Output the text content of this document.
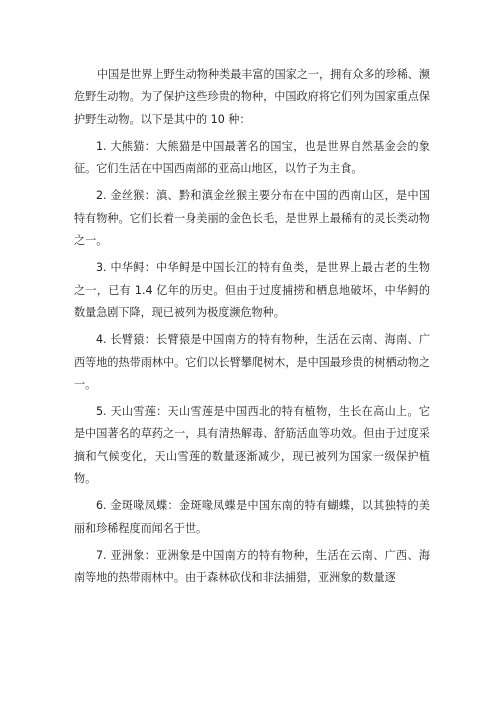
中国是世界上野生动物种类最丰富的国家之一，拥有众多的珍稀、濒危野生动物。为了保护这些珍贵的物种，中国政府将它们列为国家重点保护野生动物。以下是其中的 10 种：

1. 大熊猫：大熊猫是中国最著名的国宝，也是世界自然基金会的象征。它们生活在中国西南部的亚高山地区，以竹子为主食。

2. 金丝猴：滇、黔和滇金丝猴主要分布在中国的西南山区，是中国特有物种。它们长着一身美丽的金色长毛，是世界上最稀有的灵长类动物之一。

3. 中华鲟：中华鲟是中国长江的特有鱼类，是世界上最古老的生物之一，已有 1.4 亿年的历史。但由于过度捕捞和栖息地破坏，中华鲟的数量急剧下降，现已被列为极度濒危物种。

4. 长臂猿：长臂猿是中国南方的特有物种，生活在云南、海南、广西等地的热带雨林中。它们以长臂攀爬树木，是中国最珍贵的树栖动物之一。

5. 天山雪莲：天山雪莲是中国西北的特有植物，生长在高山上。它是中国著名的草药之一，具有清热解毒、舒筋活血等功效。但由于过度采摘和气候变化，天山雪莲的数量逐渐减少，现已被列为国家一级保护植物。

6. 金斑喙凤蝶：金斑喙凤蝶是中国东南的特有蝴蝶，以其独特的美丽和珍稀程度而闻名于世。

7. 亚洲象：亚洲象是中国南方的特有物种，生活在云南、广西、海南等地的热带雨林中。由于森林砍伐和非法捕猎，亚洲象的数量逐
